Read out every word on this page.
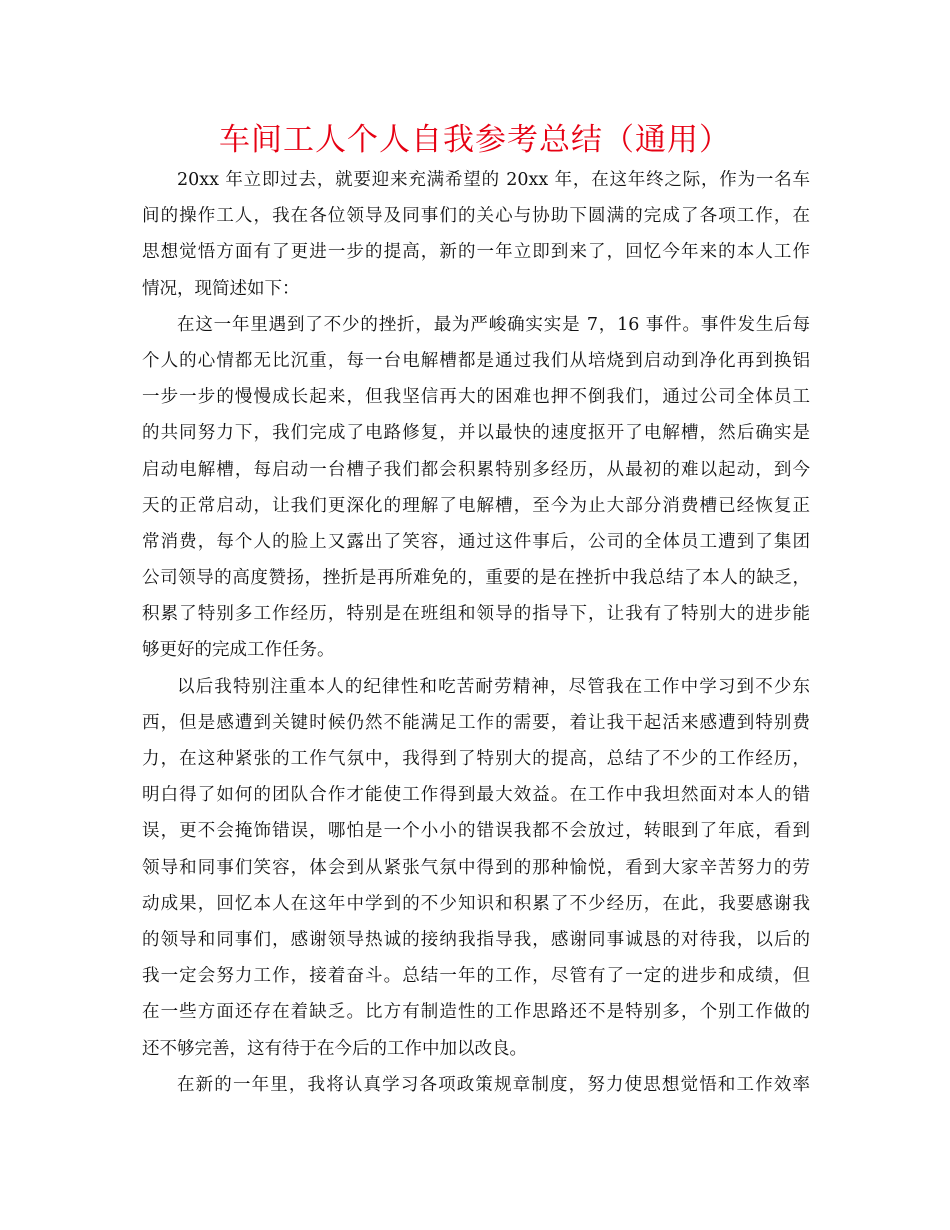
车间工人个人自我参考总结（通用）
20xx 年立即过去，就要迎来充满希望的 20xx 年，在这年终之际，作为一名车
间的操作工人，我在各位领导及同事们的关心与协助下圆满的完成了各项工作，在
思想觉悟方面有了更进一步的提高，新的一年立即到来了，回忆今年来的本人工作
情况，现简述如下：
在这一年里遇到了不少的挫折，最为严峻确实实是 7，16 事件。事件发生后每
个人的心情都无比沉重，每一台电解槽都是通过我们从培烧到启动到净化再到换铝
一步一步的慢慢成长起来，但我坚信再大的困难也押不倒我们，通过公司全体员工
的共同努力下，我们完成了电路修复，并以最快的速度抠开了电解槽，然后确实是
启动电解槽，每启动一台槽子我们都会积累特别多经历，从最初的难以起动，到今
天的正常启动，让我们更深化的理解了电解槽，至今为止大部分消费槽已经恢复正
常消费，每个人的脸上又露出了笑容，通过这件事后，公司的全体员工遭到了集团
公司领导的高度赞扬，挫折是再所难免的，重要的是在挫折中我总结了本人的缺乏，
积累了特别多工作经历，特别是在班组和领导的指导下，让我有了特别大的进步能
够更好的完成工作任务。
以后我特别注重本人的纪律性和吃苦耐劳精神，尽管我在工作中学习到不少东
西，但是感遭到关键时候仍然不能满足工作的需要，着让我干起活来感遭到特别费
力，在这种紧张的工作气氛中，我得到了特别大的提高，总结了不少的工作经历，
明白得了如何的团队合作才能使工作得到最大效益。在工作中我坦然面对本人的错
误，更不会掩饰错误，哪怕是一个小小的错误我都不会放过，转眼到了年底，看到
领导和同事们笑容，体会到从紧张气氛中得到的那种愉悦，看到大家辛苦努力的劳
动成果，回忆本人在这年中学到的不少知识和积累了不少经历，在此，我要感谢我
的领导和同事们，感谢领导热诚的接纳我指导我，感谢同事诚恳的对待我，以后的
我一定会努力工作，接着奋斗。总结一年的工作，尽管有了一定的进步和成绩，但
在一些方面还存在着缺乏。比方有制造性的工作思路还不是特别多，个别工作做的
还不够完善，这有待于在今后的工作中加以改良。
在新的一年里，我将认真学习各项政策规章制度，努力使思想觉悟和工作效率
